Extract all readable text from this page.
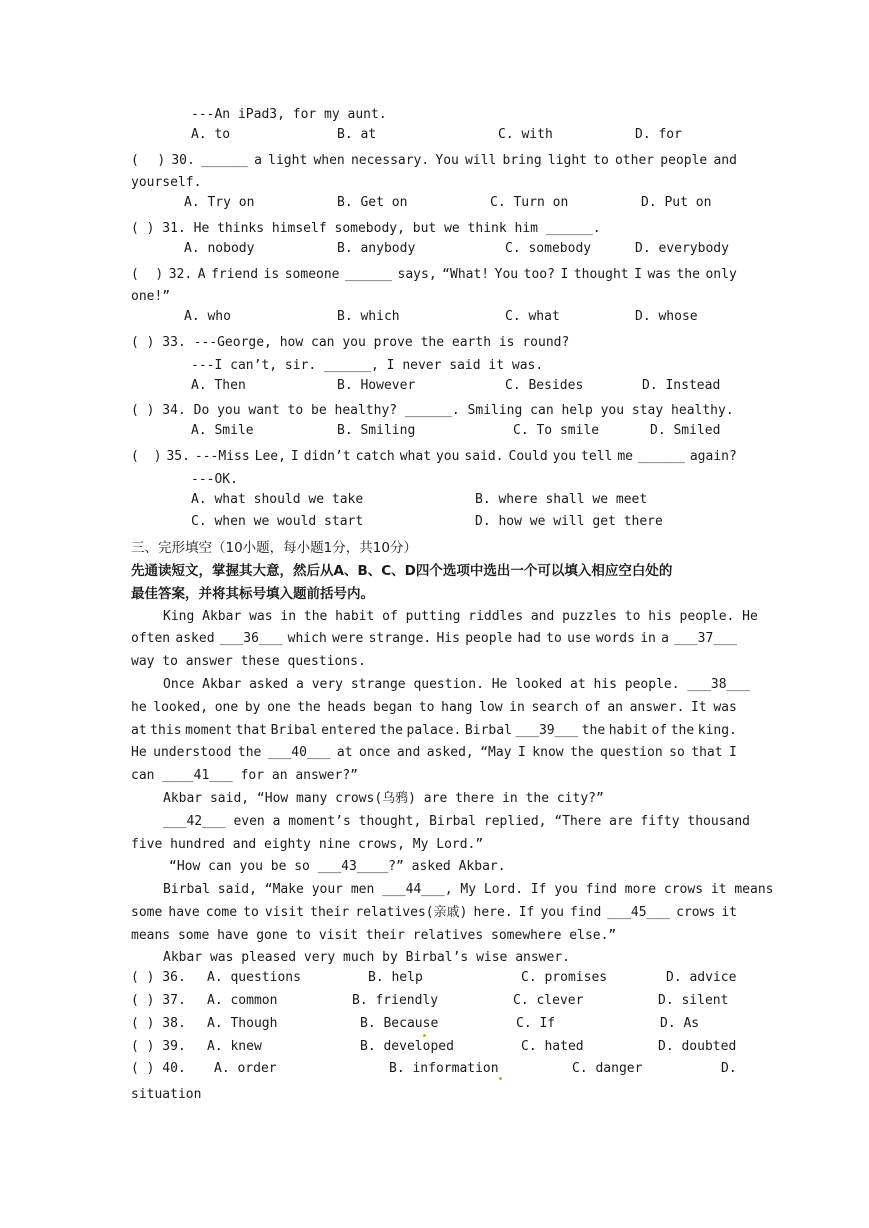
---An iPad3, for my aunt.
A. to	B. at	C. with	D. for
( ) 30. ______ a light when necessary. You will bring light to other people and
yourself.
A. Try on	B. Get on	C. Turn on	D. Put on
( ) 31. He thinks himself somebody, but we think him ______.
A. nobody	B. anybody	C. somebody	D. everybody
( ) 32. A friend is someone ______ says, “What! You too? I thought I was the only
one!”
A. who	B. which	C. what	D. whose
( ) 33. ---George, how can you prove the earth is round?
---I can’t, sir. ______, I never said it was.
A. Then	B. However	C. Besides	D. Instead
( ) 34. Do you want to be healthy? ______. Smiling can help you stay healthy.
A. Smile	B. Smiling	C. To smile	D. Smiled
( ) 35. ---Miss Lee, I didn’t catch what you said. Could you tell me ______ again?
---OK.
A. what should we take	B. where shall we meet
C. when we would start	D. how we will get there
三、完形填空（10小题，每小题1分，共10分）
先通读短文，掌握其大意，然后从A、B、C、D四个选项中选出一个可以填入相应空白处的
最佳答案，并将其标号填入题前括号内。
King Akbar was in the habit of putting riddles and puzzles to his people. He
often asked ___36___ which were strange. His people had to use words in a ___37___
way to answer these questions.
Once Akbar asked a very strange question. He looked at his people. ___38___
he looked, one by one the heads began to hang low in search of an answer. It was
at this moment that Bribal entered the palace. Birbal ___39___ the habit of the king.
He understood the ___40___ at once and asked, “May I know the question so that I
can ____41___ for an answer?”
Akbar said, “How many crows(乌鸦) are there in the city?”
___42___ even a moment’s thought, Birbal replied, “There are fifty thousand
five hundred and eighty nine crows, My Lord.”
“How can you be so ___43____?” asked Akbar.
Birbal said, “Make your men ___44___, My Lord. If you find more crows it means
some have come to visit their relatives(亲戚) here. If you find ___45___ crows it
means some have gone to visit their relatives somewhere else.”
Akbar was pleased very much by Birbal’s wise answer.
( ) 36. A. questions	B. help	C. promises	D. advice
( ) 37. A. common	B. friendly	C. clever	D. silent
( ) 38. A. Though	B. Because	C. If	D. As
( ) 39. A. knew	B. developed	C. hated	D. doubted
( ) 40. A. order	B. information	C. danger	D.
situation
